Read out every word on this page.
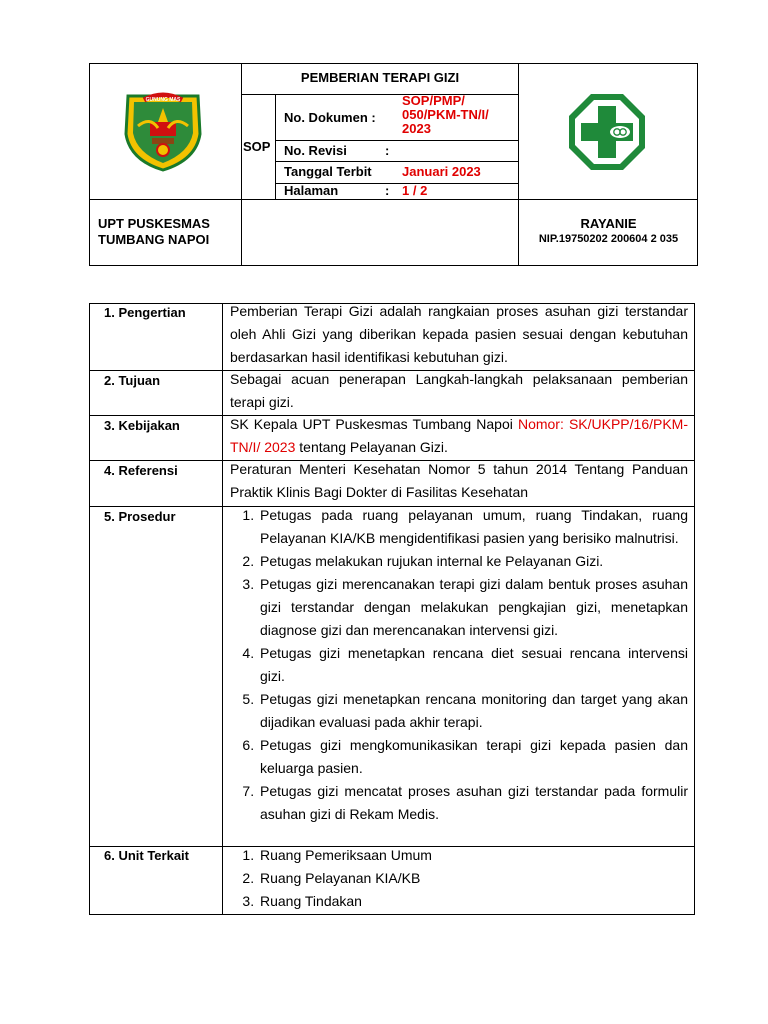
GUNUNG MAS
PEMBERIAN TERAPI GIZI
SOP
No. Dokumen :
SOP/PMP/ 050/PKM-TN/I/ 2023
No. Revisi	:
Tanggal Terbit Januari 2023
Halaman	: 1 / 2
UPT PUSKESMAS
TUMBANG NAPOI
RAYANIE
NIP.19750202 200604 2 035
1. Pengertian	Pemberian Terapi Gizi adalah rangkaian proses asuhan gizi terstandar oleh Ahli Gizi yang diberikan kepada pasien sesuai dengan kebutuhan berdasarkan hasil identifikasi kebutuhan gizi.
2. Tujuan	Sebagai acuan penerapan Langkah-langkah pelaksanaan pemberian terapi gizi.
3. Kebijakan	SK Kepala UPT Puskesmas Tumbang Napoi Nomor: SK/UKPP/16/PKM-TN/I/ 2023 tentang Pelayanan Gizi.
4. Referensi	Peraturan Menteri Kesehatan Nomor 5 tahun 2014 Tentang Panduan Praktik Klinis Bagi Dokter di Fasilitas Kesehatan
5. Prosedur	1. Petugas pada ruang pelayanan umum, ruang Tindakan, ruang Pelayanan KIA/KB mengidentifikasi pasien yang berisiko malnutrisi.
2. Petugas melakukan rujukan internal ke Pelayanan Gizi.
3. Petugas gizi merencanakan terapi gizi dalam bentuk proses asuhan gizi terstandar dengan melakukan pengkajian gizi, menetapkan diagnose gizi dan merencanakan intervensi gizi.
4. Petugas gizi menetapkan rencana diet sesuai rencana intervensi gizi.
5. Petugas gizi menetapkan rencana monitoring dan target yang akan dijadikan evaluasi pada akhir terapi.
6. Petugas gizi mengkomunikasikan terapi gizi kepada pasien dan keluarga pasien.
7. Petugas gizi mencatat proses asuhan gizi terstandar pada formulir asuhan gizi di Rekam Medis.
6. Unit Terkait	1. Ruang Pemeriksaan Umum
2. Ruang Pelayanan KIA/KB
3. Ruang Tindakan
